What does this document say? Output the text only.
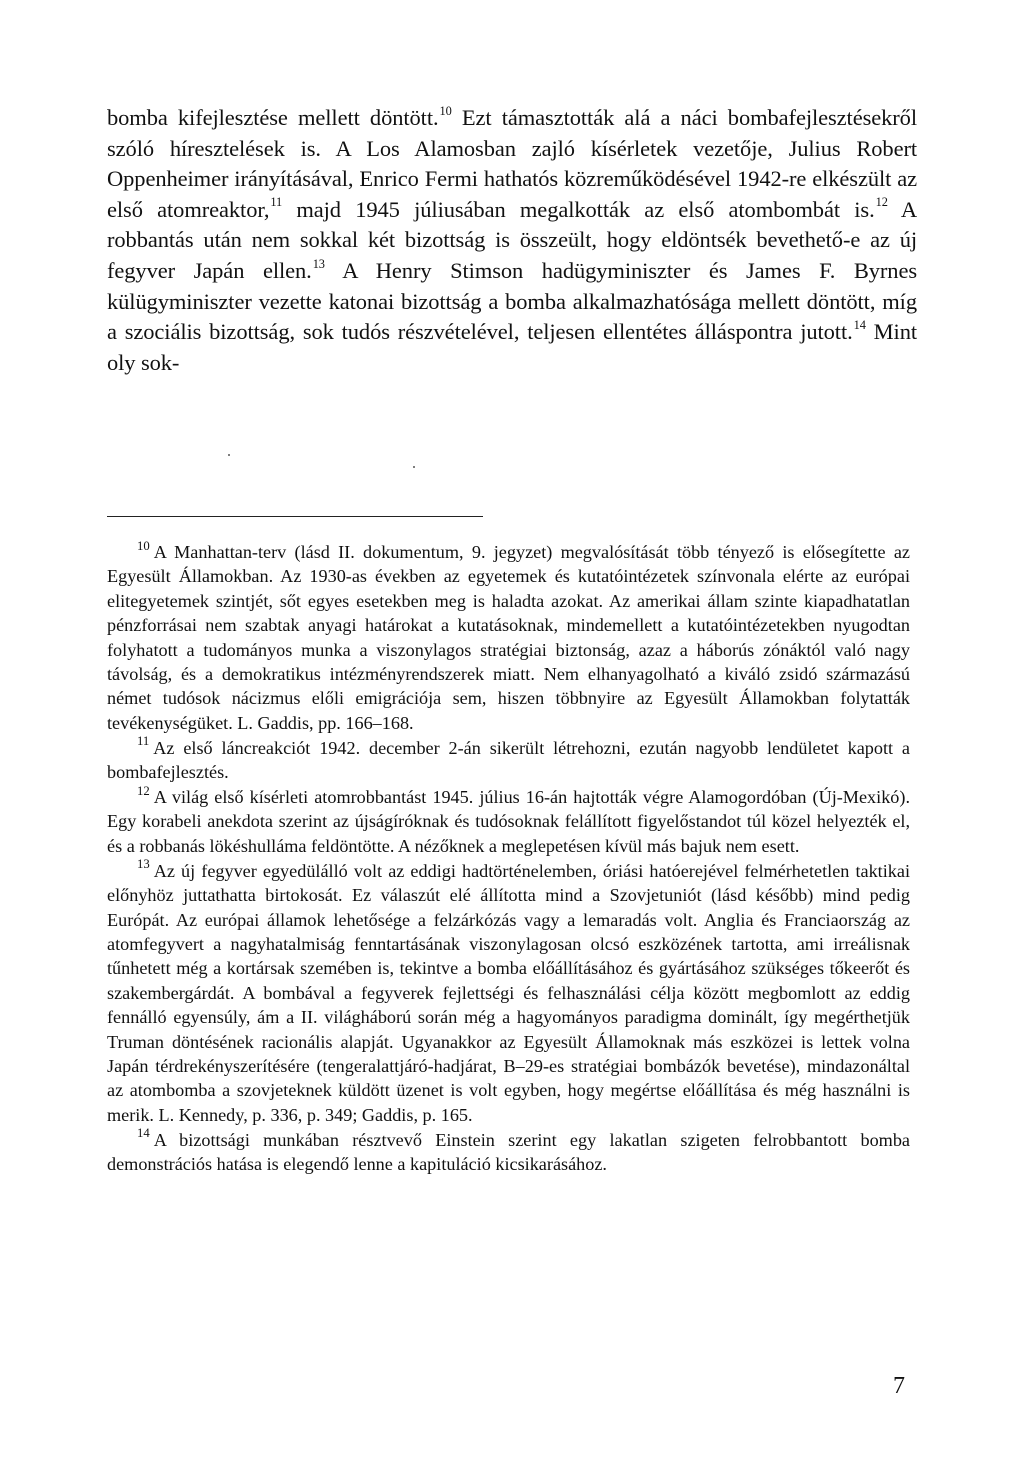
bomba kifejlesztése mellett döntött.$^{10}$ Ezt támasztották alá a náci bombafejlesztésekről szóló híresztelések is. A Los Alamosban zajló kísérletek vezetője, Julius Robert Oppenheimer irányításával, Enrico Fermi hathatós közreműködésével 1942-re elkészült az első atomreaktor,$^{11}$ majd 1945 júliusában megalkották az első atombombát is.$^{12}$ A robbantás után nem sokkal két bizottság is összeült, hogy eldöntsék bevethető-e az új fegyver Japán ellen.$^{13}$ A Henry Stimson hadügyminiszter és James F. Byrnes külügyminiszter vezette katonai bizottság a bomba alkalmazhatósága mellett döntött, míg a szociális bizottság, sok tudós részvételével, teljesen ellentétes álláspontra jutott.$^{14}$ Mint oly sok-

$^{10}$ A Manhattan-terv (lásd II. dokumentum, 9. jegyzet) megvalósítását több tényező is elősegítette az Egyesült Államokban. Az 1930-as években az egyetemek és kutatóintézetek színvonala elérte az európai elitegyetemek szintjét, sőt egyes esetekben meg is haladta azokat. Az amerikai állam szinte kiapadhatatlan pénzforrásai nem szabtak anyagi határokat a kutatásoknak, mindemellett a kutatóintézetekben nyugodtan folyhatott a tudományos munka a viszonylagos stratégiai biztonság, azaz a háborús zónáktól való nagy távolság, és a demokratikus intézményrendszerek miatt. Nem elhanyagolható a kiváló zsidó származású német tudósok nácizmus előli emigrációja sem, hiszen többnyire az Egyesült Államokban folytatták tevékenységüket. L. Gaddis, pp. 166–168.

$^{11}$ Az első láncreakciót 1942. december 2-án sikerült létrehozni, ezután nagyobb lendületet kapott a bombafejlesztés.

$^{12}$ A világ első kísérleti atomrobbantást 1945. július 16-án hajtották végre Alamogordóban (Új-Mexikó). Egy korabeli anekdota szerint az újságíróknak és tudósoknak felállított figyelőstandot túl közel helyezték el, és a robbanás lökéshulláma feldöntötte. A nézőknek a meglepetésen kívül más bajuk nem esett.

$^{13}$ Az új fegyver egyedülálló volt az eddigi hadtörténelemben, óriási hatóerejével felmérhetetlen taktikai előnyhöz juttathatta birtokosát. Ez válaszút elé állította mind a Szovjetuniót (lásd később) mind pedig Európát. Az európai államok lehetősége a felzárkózás vagy a lemaradás volt. Anglia és Franciaország az atomfegyvert a nagyhatalmiság fenntartásának viszonylagosan olcsó eszközének tartotta, ami irreálisnak tűnhetett még a kortársak szemében is, tekintve a bomba előállításához és gyártásához szükséges tőkeerőt és szakembergárdát. A bombával a fegyverek fejlettségi és felhasználási célja között megbomlott az eddig fennálló egyensúly, ám a II. világháború során még a hagyományos paradigma dominált, így megérthetjük Truman döntésének racionális alapját. Ugyanakkor az Egyesült Államoknak más eszközei is lettek volna Japán térdrekényszerítésére (tengeralattjáró-hadjárat, B–29-es stratégiai bombázók bevetése), mindazonáltal az atombomba a szovjeteknek küldött üzenet is volt egyben, hogy megértse előállítása és még használni is merik. L. Kennedy, p. 336, p. 349; Gaddis, p. 165.

$^{14}$ A bizottsági munkában résztvevő Einstein szerint egy lakatlan szigeten felrobbantott bomba demonstrációs hatása is elegendő lenne a kapituláció kicsikarásához.

7
